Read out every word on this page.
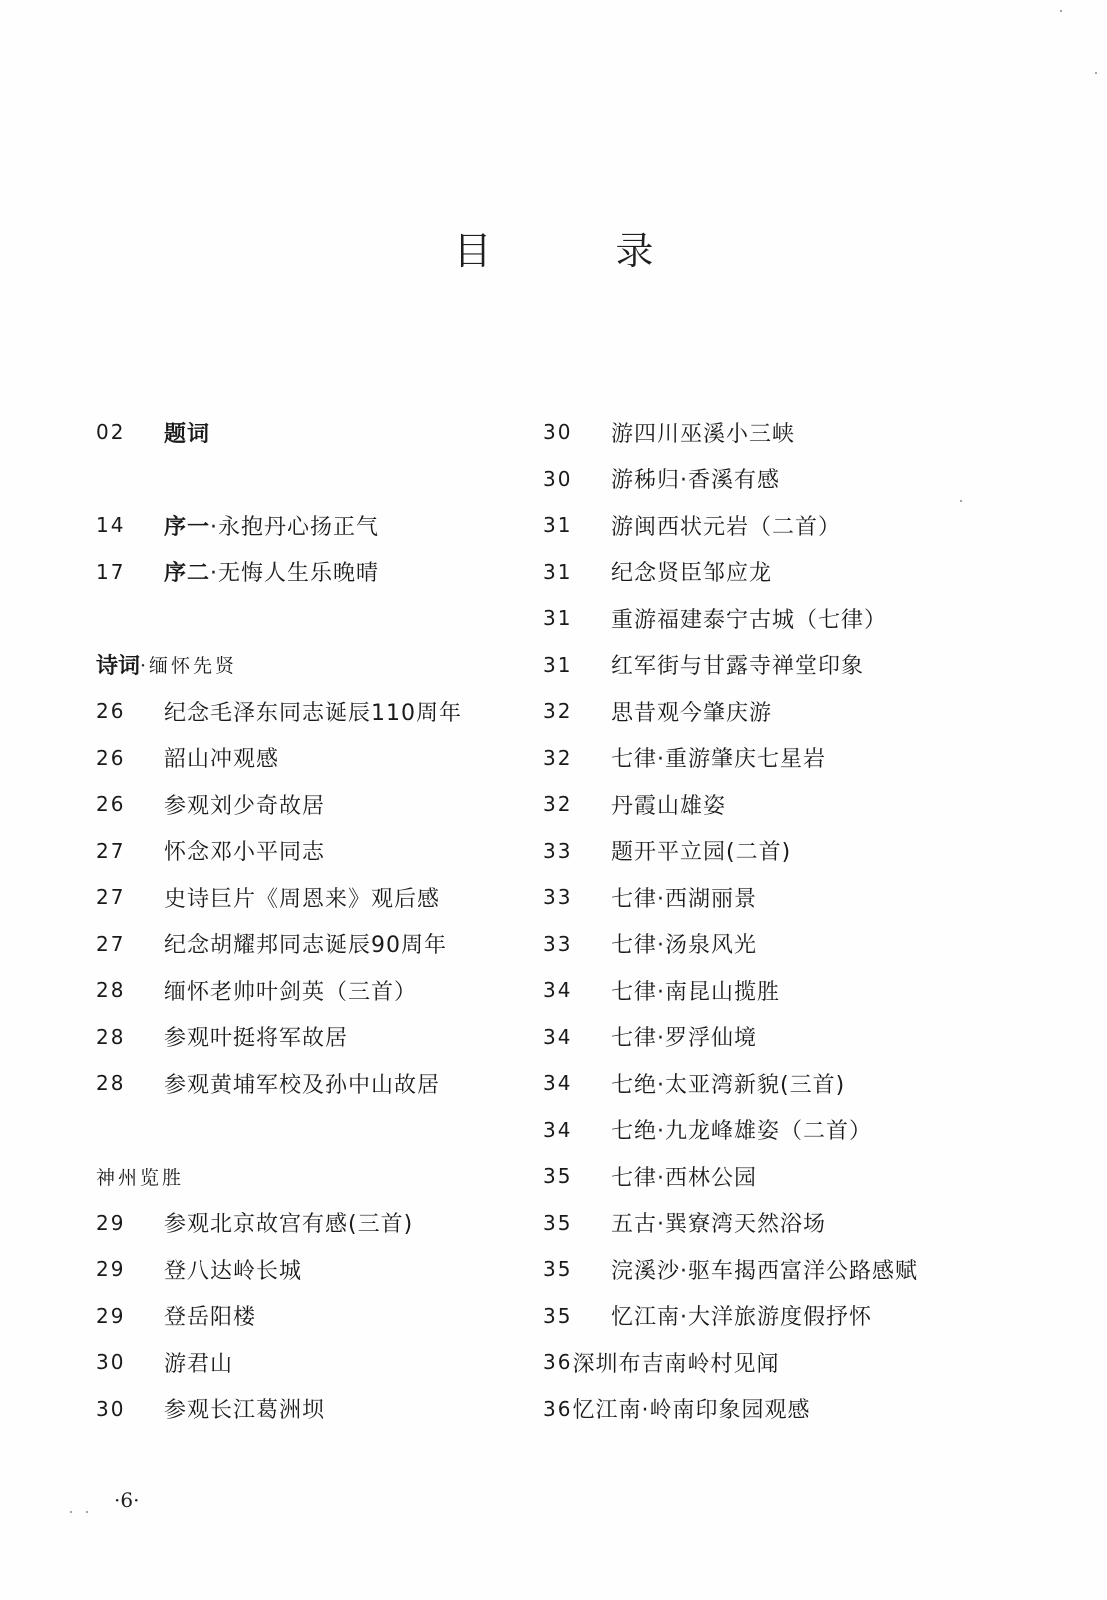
目 录
02	题词
14	序一 ·永抱丹心扬正气
17	序二 ·无悔人生乐晚晴
诗词 ·缅怀先贤
26	纪念毛泽东同志诞辰110周年
26	韶山冲观感
26	参观刘少奇故居
27	怀念邓小平同志
27	史诗巨片《周恩来》观后感
27	纪念胡耀邦同志诞辰90周年
28	缅怀老帅叶剑英（三首）
28	参观叶挺将军故居
28	参观黄埔军校及孙中山故居
神州览胜
29	参观北京故宫有感(三首)
29	登八达岭长城
29	登岳阳楼
30	游君山
30	参观长江葛洲坝
30	游四川巫溪小三峡
30	游秭归·香溪有感
31	游闽西状元岩（二首）
31	纪念贤臣邹应龙
31	重游福建泰宁古城（七律）
31	红军街与甘露寺禅堂印象
32	思昔观今肇庆游
32	七律·重游肇庆七星岩
32	丹霞山雄姿
33	题开平立园(二首)
33	七律·西湖丽景
33	七律·汤泉风光
34	七律·南昆山揽胜
34	七律·罗浮仙境
34	七绝·太亚湾新貌(三首)
34	七绝·九龙峰雄姿（二首）
35	七律·西林公园
35	五古·巽寮湾天然浴场
35	浣溪沙·驱车揭西富洋公路感赋
35	忆江南·大洋旅游度假抒怀
36 深圳布吉南岭村见闻
36 忆江南·岭南印象园观感
·6·
